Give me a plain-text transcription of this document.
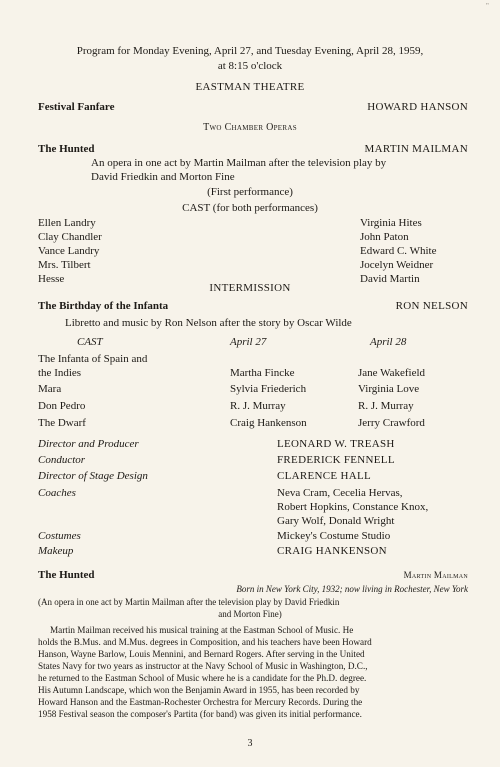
"
Program for Monday Evening, April 27, and Tuesday Evening, April 28, 1959,
at 8:15 o'clock
EASTMAN THEATRE
Festival Fanfare	HOWARD HANSON
Two Chamber Operas
The Hunted	MARTIN MAILMAN
An opera in one act by Martin Mailman after the television play by
David Friedkin and Morton Fine
(First performance)
CAST (for both performances)
Ellen Landry	Virginia Hites
Clay Chandler	John Paton
Vance Landry	Edward C. White
Mrs. Tilbert	Jocelyn Weidner
Hesse	David Martin
INTERMISSION
The Birthday of the Infanta	RON NELSON
Libretto and music by Ron Nelson after the story by Oscar Wilde
CAST	April 27	April 28
The Infanta of Spain and
the Indies	Martha Fincke	Jane Wakefield
Mara	Sylvia Friederich	Virginia Love
Don Pedro	R. J. Murray	R. J. Murray
The Dwarf	Craig Hankenson	Jerry Crawford
Director and Producer	LEONARD W. TREASH
Conductor	FREDERICK FENNELL
Director of Stage Design	CLARENCE HALL
Coaches	Neva Cram, Cecelia Hervas,
Robert Hopkins, Constance Knox,
Gary Wolf, Donald Wright
Costumes	Mickey's Costume Studio
Makeup	CRAIG HANKENSON
The Hunted	Martin Mailman
Born in New York City, 1932; now living in Rochester, New York
(An opera in one act by Martin Mailman after the television play by David Friedkin
and Morton Fine)
Martin Mailman received his musical training at the Eastman School of Music. He
holds the B.Mus. and M.Mus. degrees in Composition, and his teachers have been Howard
Hanson, Wayne Barlow, Louis Mennini, and Bernard Rogers. After serving in the United
States Navy for two years as instructor at the Navy School of Music in Washington, D.C.,
he returned to the Eastman School of Music where he is a candidate for the Ph.D. degree.
His Autumn Landscape, which won the Benjamin Award in 1955, has been recorded by
Howard Hanson and the Eastman-Rochester Orchestra for Mercury Records. During the
1958 Festival season the composer's Partita (for band) was given its initial performance.
3
